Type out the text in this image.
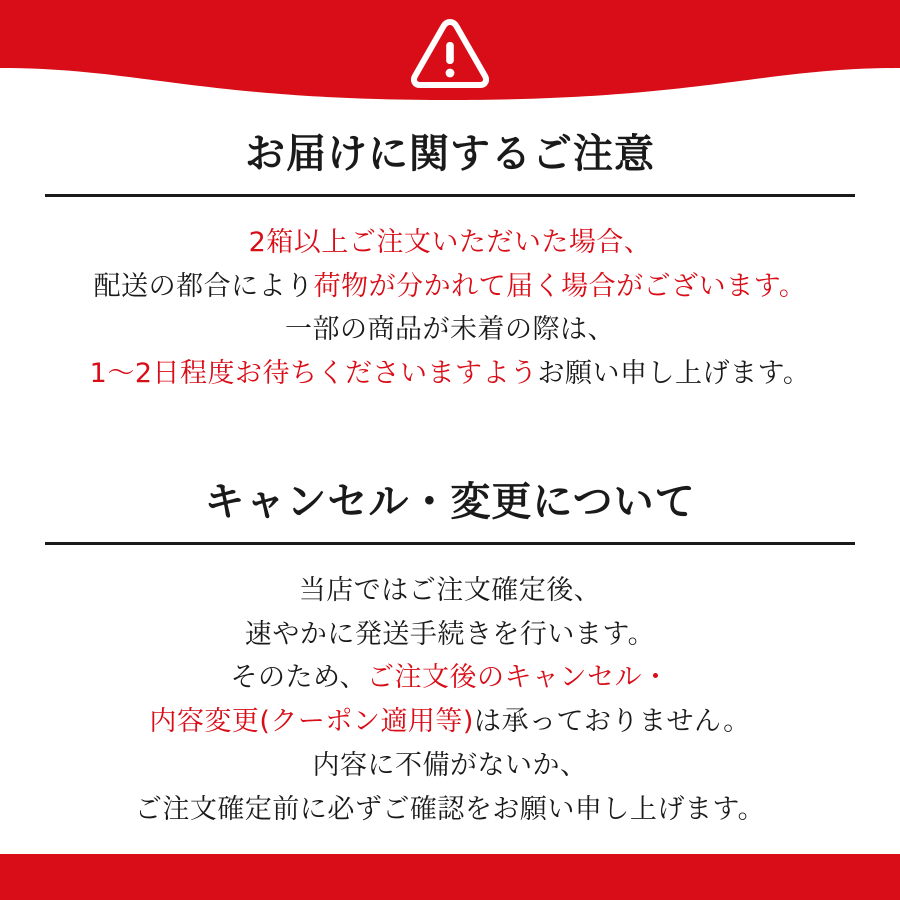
お届けに関するご注意
2箱以上ご注文いただいた場合、
配送の都合により荷物が分かれて届く場合がございます。
一部の商品が未着の際は、
1〜2日程度お待ちくださいますようお願い申し上げます。
キャンセル・変更について
当店ではご注文確定後、
速やかに発送手続きを行います。
そのため、ご注文後のキャンセル・
内容変更(クーポン適用等)は承っておりません。
内容に不備がないか、
ご注文確定前に必ずご確認をお願い申し上げます。
